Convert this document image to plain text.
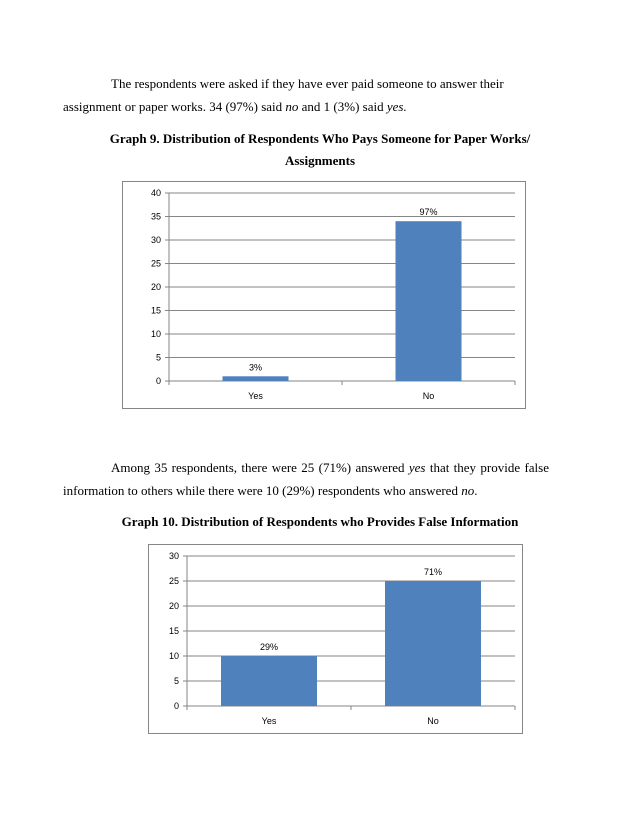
The respondents were asked if they have ever paid someone to answer their assignment or paper works. 34 (97%) said no and 1 (3%) said yes.

Graph 9. Distribution of Respondents Who Pays Someone for Paper Works/
Assignments

0
5
10
15
20
25
30
35
40
3%
Yes
97%
No

Among 35 respondents, there were 25 (71%) answered yes that they provide false information to others while there were 10 (29%) respondents who answered no.

Graph 10. Distribution of Respondents who Provides False Information

0
5
10
15
20
25
30
29%
Yes
71%
No
